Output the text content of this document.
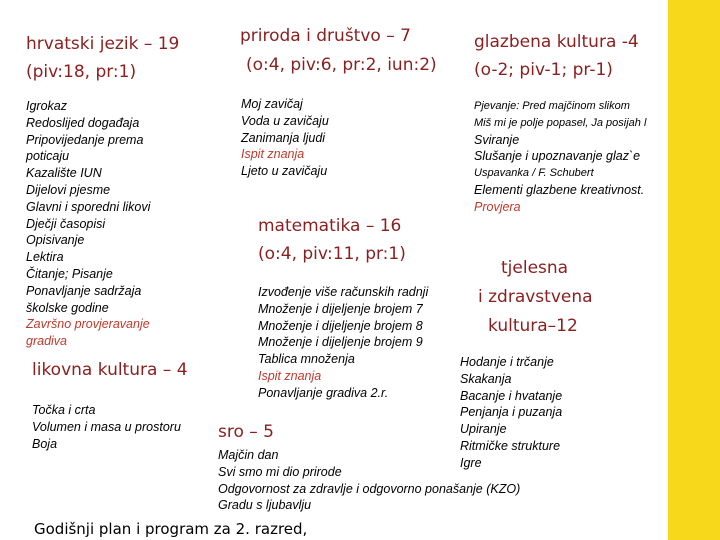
hrvatski jezik – 19
(piv:18, pr:1)
Igrokaz
Redoslijed događaja
Pripovijedanje prema
poticaju
Kazalište IUN
Dijelovi pjesme
Glavni i sporedni likovi
Dječji časopisi
Opisivanje
Lektira
Čitanje; Pisanje
Ponavljanje sadržaja
školske godine
Završno provjeravanje
gradiva
priroda i društvo – 7
(o:4, piv:6, pr:2, iun:2)
Moj zavičaj
Voda u zavičaju
Zanimanja ljudi
Ispit znanja
Ljeto u zavičaju
glazbena kultura -4
(o-2; piv-1; pr-1)
Pjevanje: Pred majčinom slikom
Miš mi je polje popasel, Ja posijah l
Sviranje
Slušanje i upoznavanje glaz`e
Uspavanka / F. Schubert
Elementi glazbene kreativnost.
Provjera
matematika – 16
(o:4, piv:11, pr:1)
Izvođenje više računskih radnji
Množenje i dijeljenje brojem 7
Množenje i dijeljenje brojem 8
Množenje i dijeljenje brojem 9
Tablica množenja
Ispit znanja
Ponavljanje gradiva 2.r.
tjelesna
i zdravstvena
kultura–12
Hodanje i trčanje
Skakanja
Bacanje i hvatanje
Penjanja i puzanja
Upiranje
Ritmičke strukture
Igre
likovna kultura – 4
Točka i crta
Volumen i masa u prostoru
Boja
sro – 5
Majčin dan
Svi smo mi dio prirode
Odgovornost za zdravlje i odgovorno ponašanje (KZO)
Gradu s ljubavlju
Godišnji plan i program za 2. razred,
